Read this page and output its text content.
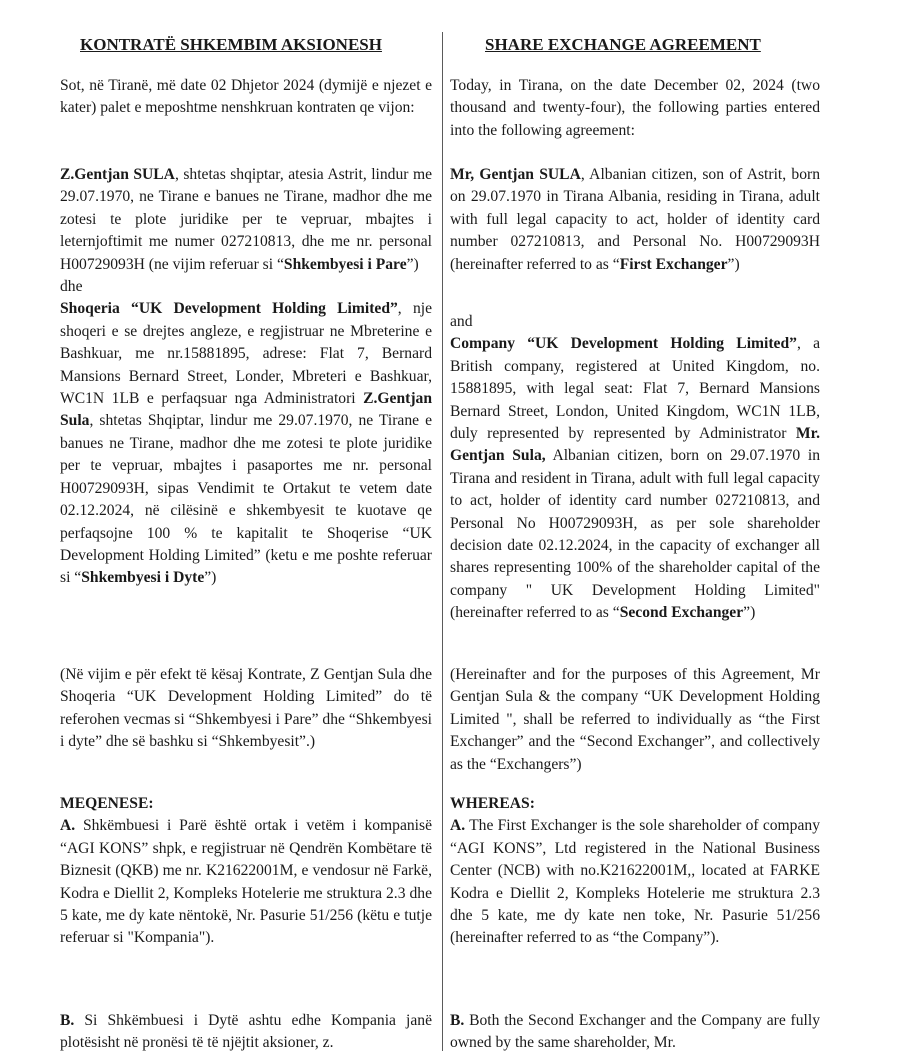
KONTRATË SHKEMBIM AKSIONESH

Sot, në Tiranë, më date 02 Dhjetor 2024 (dymijë e njezet e kater) palet e meposhtme nenshkruan kontraten qe vijon:

Z.Gentjan SULA, shtetas shqiptar, atesia Astrit, lindur me 29.07.1970, ne Tirane e banues ne Tirane, madhor dhe me zotesi te plote juridike per te vepruar, mbajtes i leternjoftimit me numer 027210813, dhe me nr. personal H00729093H (ne vijim referuar si “Shkembyesi i Pare”)

dhe

Shoqeria “UK Development Holding Limited”, nje shoqeri e se drejtes angleze, e regjistruar ne Mbreterine e Bashkuar, me nr.15881895, adrese: Flat 7, Bernard Mansions Bernard Street, Londer, Mbreteri e Bashkuar, WC1N 1LB e perfaqsuar nga Administratori Z.Gentjan Sula, shtetas Shqiptar, lindur me 29.07.1970, ne Tirane e banues ne Tirane, madhor dhe me zotesi te plote juridike per te vepruar, mbajtes i pasaportes me nr. personal H00729093H, sipas Vendimit te Ortakut te vetem date 02.12.2024, në cilësinë e shkembyesit te kuotave qe perfaqsojne 100 % te kapitalit te Shoqerise “UK Development Holding Limited” (ketu e me poshte referuar si “Shkembyesi i Dyte”)

(Në vijim e për efekt të kësaj Kontrate, Z Gentjan Sula dhe Shoqeria “UK Development Holding Limited” do të referohen vecmas si “Shkembyesi i Pare” dhe “Shkembyesi i dyte” dhe së bashku si “Shkembyesit”.)

MEQENESE:

A. Shkëmbuesi i Parë është ortak i vetëm i kompanisë “AGI KONS” shpk, e regjistruar në Qendrën Kombëtare të Biznesit (QKB) me nr. K21622001M, e vendosur në Farkë, Kodra e Diellit 2, Kompleks Hotelerie me struktura 2.3 dhe 5 kate, me dy kate nëntokë, Nr. Pasurie 51/256 (këtu e tutje referuar si "Kompania").

B. Si Shkëmbuesi i Dytë ashtu edhe Kompania janë plotësisht në pronësi të të njëjtit aksioner, z.

SHARE EXCHANGE AGREEMENT

Today, in Tirana, on the date December 02, 2024 (two thousand and twenty-four), the following parties entered into the following agreement:

Mr, Gentjan SULA, Albanian citizen, son of Astrit, born on 29.07.1970 in Tirana Albania, residing in Tirana, adult with full legal capacity to act, holder of identity card number 027210813, and Personal No. H00729093H (hereinafter referred to as “First Exchanger”)

and

Company “UK Development Holding Limited”, a British company, registered at United Kingdom, no. 15881895, with legal seat: Flat 7, Bernard Mansions Bernard Street, London, United Kingdom, WC1N 1LB, duly represented by represented by Administrator Mr. Gentjan Sula, Albanian citizen, born on 29.07.1970 in Tirana and resident in Tirana, adult with full legal capacity to act, holder of identity card number 027210813, and Personal No H00729093H, as per sole shareholder decision date 02.12.2024, in the capacity of exchanger all shares representing 100% of the shareholder capital of the company " UK Development Holding Limited" (hereinafter referred to as “Second Exchanger”)

(Hereinafter and for the purposes of this Agreement, Mr Gentjan Sula & the company “UK Development Holding Limited ", shall be referred to individually as “the First Exchanger” and the “Second Exchanger”, and collectively as the “Exchangers”)

WHEREAS:

A. The First Exchanger is the sole shareholder of company “AGI KONS”, Ltd registered in the National Business Center (NCB) with no.K21622001M,, located at FARKE Kodra e Diellit 2, Kompleks Hotelerie me struktura 2.3 dhe 5 kate, me dy kate nen toke, Nr. Pasurie 51/256 (hereinafter referred to as “the Company”).

B. Both the Second Exchanger and the Company are fully owned by the same shareholder, Mr.
